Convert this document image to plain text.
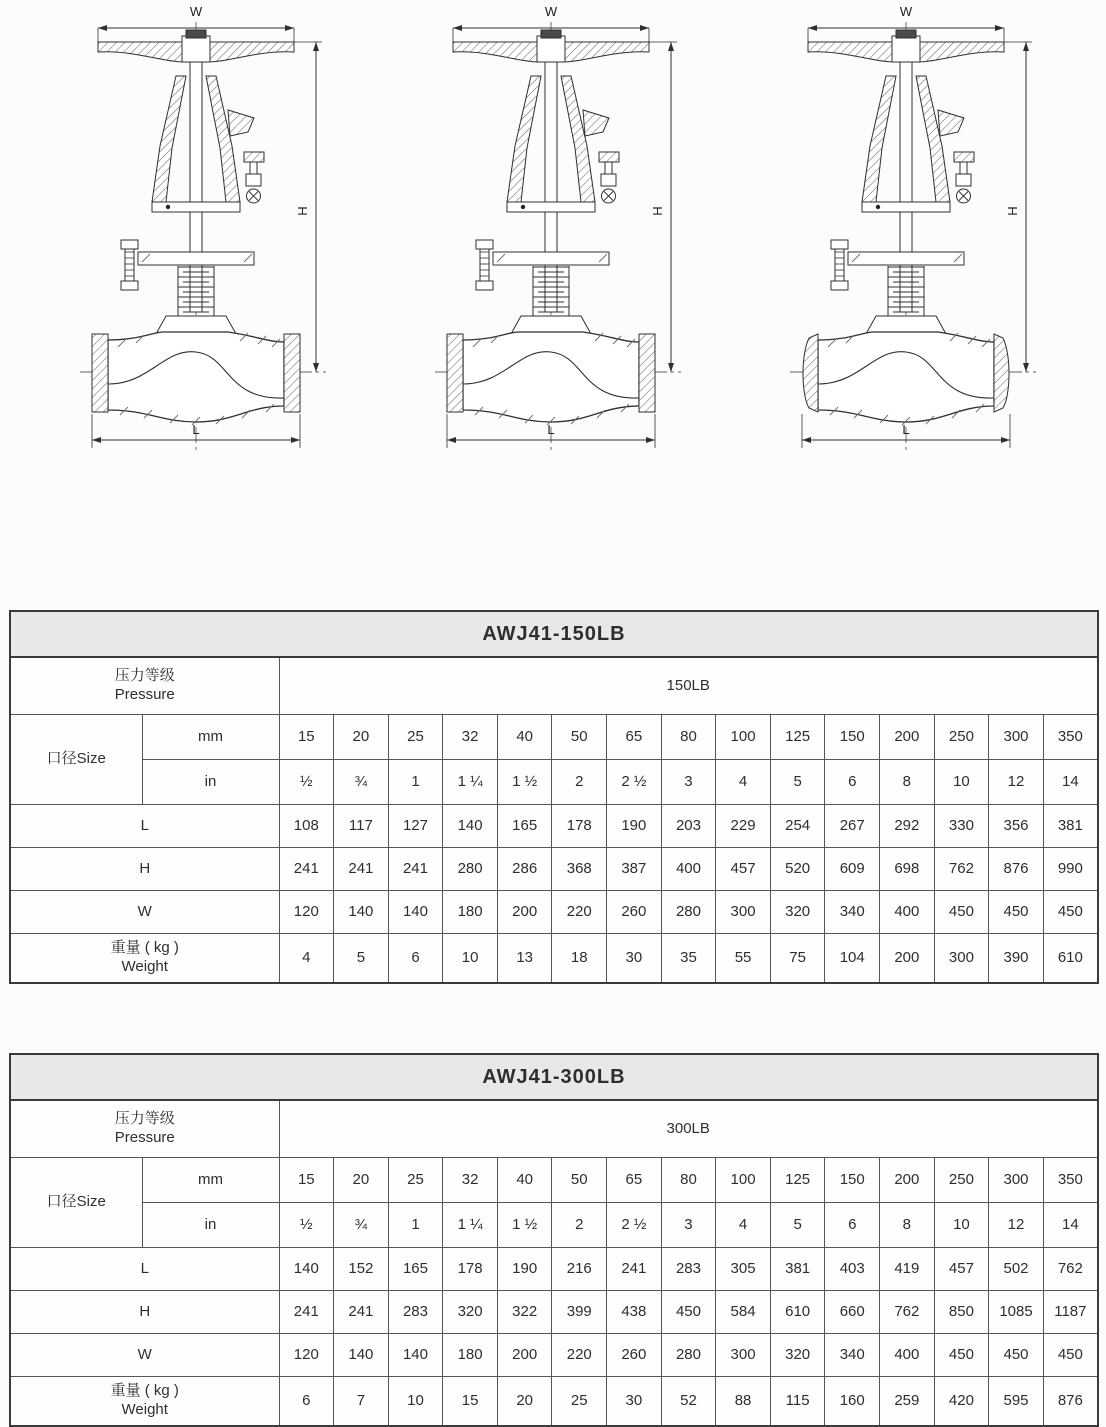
W
H
L
W
H
L
W
H
L
AWJ41-150LB																

压力等级
Pressure		150LB														
口径Size	mm	15	20	25	32	40	50	65	80	100	125	150	200	250	300	350
	in	½	¾	1	1 ¼	1 ½	2	2 ½	3	4	5	6	8	10	12	14
L		108	117	127	140	165	178	190	203	229	254	267	292	330	356	381
H		241	241	241	280	286	368	387	400	457	520	609	698	762	876	990
W		120	140	140	180	200	220	260	280	300	320	340	400	450	450	450

重量 ( kg )
Weight		4	5	6	10	13	18	30	35	55	75	104	200	300	390	610
AWJ41-300LB																

压力等级
Pressure		300LB														
口径Size	mm	15	20	25	32	40	50	65	80	100	125	150	200	250	300	350
	in	½	¾	1	1 ¼	1 ½	2	2 ½	3	4	5	6	8	10	12	14
L		140	152	165	178	190	216	241	283	305	381	403	419	457	502	762
H		241	241	283	320	322	399	438	450	584	610	660	762	850	1085	1187
W		120	140	140	180	200	220	260	280	300	320	340	400	450	450	450

重量 ( kg )
Weight		6	7	10	15	20	25	30	52	88	115	160	259	420	595	876
